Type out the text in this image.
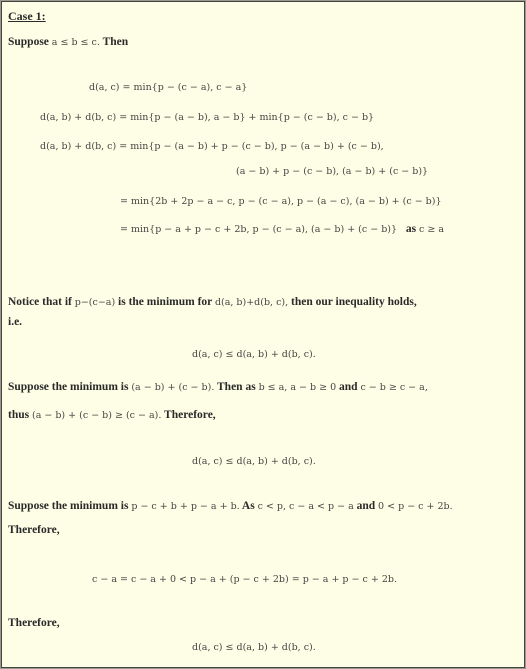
Case 1:
Suppose a ≤ b ≤ c. Then
d(a, c) = min{p − (c − a), c − a}
d(a, b) + d(b, c) = min{p − (a − b), a − b} + min{p − (c − b), c − b}
d(a, b) + d(b, c) = min{p − (a − b) + p − (c − b), p − (a − b) + (c − b),
(a − b) + p − (c − b), (a − b) + (c − b)}
= min{2b + 2p − a − c, p − (c − a), p − (a − c), (a − b) + (c − b)}
= min{p − a + p − c + 2b, p − (c − a), (a − b) + (c − b)} as c ≥ a
Notice that if p−(c−a) is the minimum for d(a, b)+d(b, c), then our inequality holds,
i.e.
d(a, c) ≤ d(a, b) + d(b, c).
Suppose the minimum is (a − b) + (c − b). Then as b ≤ a, a − b ≥ 0 and c − b ≥ c − a,
thus (a − b) + (c − b) ≥ (c − a). Therefore,
d(a, c) ≤ d(a, b) + d(b, c).
Suppose the minimum is p − c + b + p − a + b. As c < p, c − a < p − a and 0 < p − c + 2b.
Therefore,
c − a = c − a + 0 < p − a + (p − c + 2b) = p − a + p − c + 2b.
Therefore,
d(a, c) ≤ d(a, b) + d(b, c).
